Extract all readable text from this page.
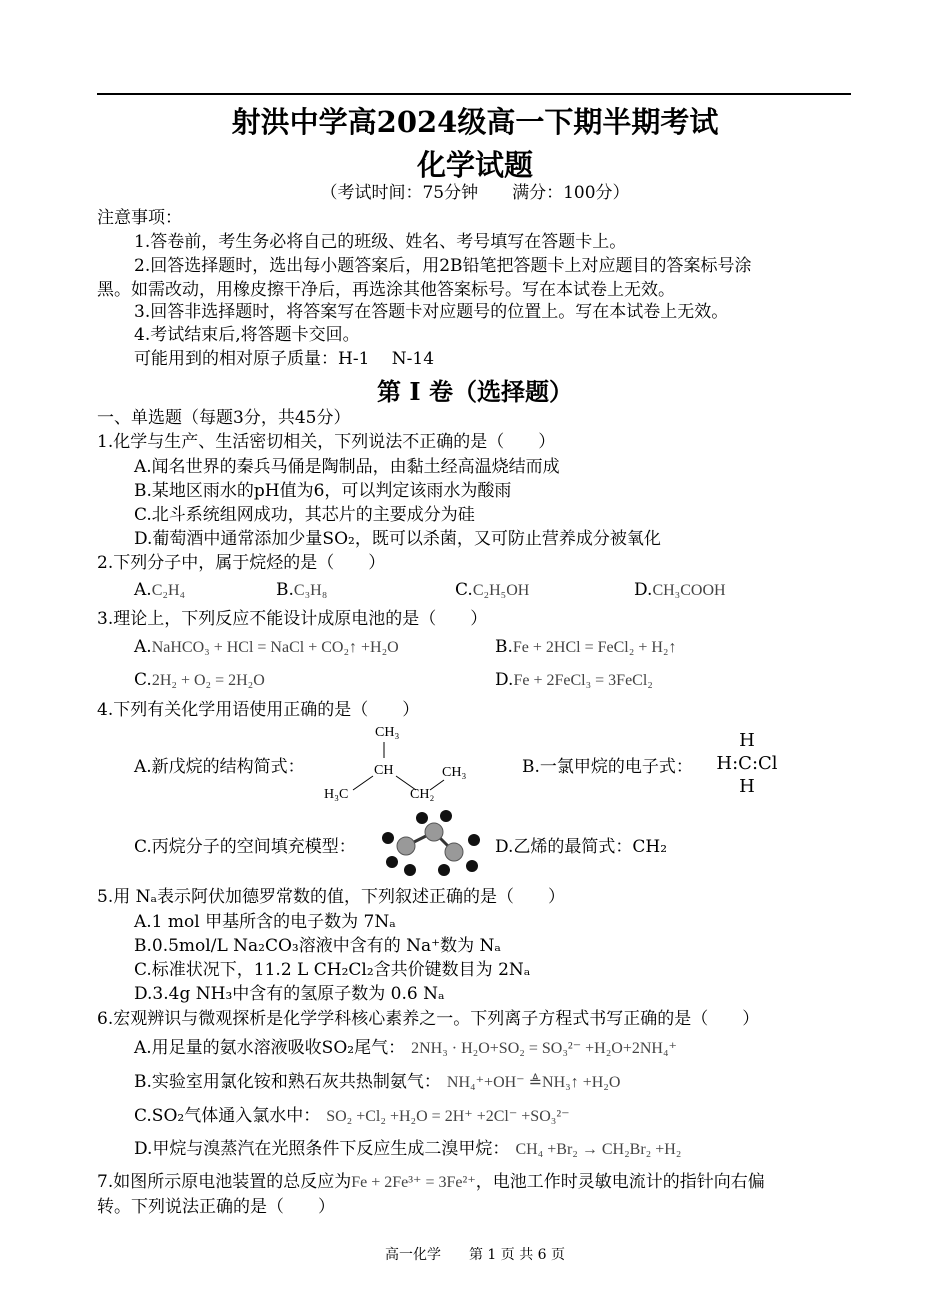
射洪中学高2024级高一下期半期考试
化学试题
（考试时间：75分钟　　满分：100分）
注意事项：
1.答卷前，考生务必将自己的班级、姓名、考号填写在答题卡上。
2.回答选择题时，选出每小题答案后，用2B铅笔把答题卡上对应题目的答案标号涂
黑。如需改动，用橡皮擦干净后，再选涂其他答案标号。写在本试卷上无效。
3.回答非选择题时，将答案写在答题卡对应题号的位置上。写在本试卷上无效。
4.考试结束后,将答题卡交回。
可能用到的相对原子质量：H-1　 N-14
第 I 卷（选择题）
一、单选题（每题3分，共45分）
1.化学与生产、生活密切相关，下列说法不正确的是（　　）
A.闻名世界的秦兵马俑是陶制品，由黏土经高温烧结而成
B.某地区雨水的pH值为6，可以判定该雨水为酸雨
C.北斗系统组网成功，其芯片的主要成分为硅
D.葡萄酒中通常添加少量SO₂，既可以杀菌，又可防止营养成分被氧化
2.下列分子中，属于烷烃的是（　　）
A.C₂H₄	B.C₃H₈	C.C₂H₅OH	D.CH₃COOH
3.理论上，下列反应不能设计成原电池的是（　　）
A.NaHCO₃ + HCl = NaCl + CO₂↑ +H₂O	B.Fe + 2HCl = FeCl₂ + H₂↑
C.2H₂ + O₂ = 2H₂O	D.Fe + 2FeCl₃ = 3FeCl₂
4.下列有关化学用语使用正确的是（　　）
A.新戊烷的结构简式：
CH₃
CH	CH₃
H₃C	CH₂
B.一氯甲烷的电子式：
H
H:C:Cl
H
C.丙烷分子的空间填充模型：	D.乙烯的最简式：CH₂
5.用 Nₐ表示阿伏加德罗常数的值，下列叙述正确的是（　　）
A.1 mol 甲基所含的电子数为 7Nₐ
B.0.5mol/L Na₂CO₃溶液中含有的 Na⁺数为 Nₐ
C.标准状况下，11.2 L CH₂Cl₂含共价键数目为 2Nₐ
D.3.4g NH₃中含有的氢原子数为 0.6 Nₐ
6.宏观辨识与微观探析是化学学科核心素养之一。下列离子方程式书写正确的是（　　）
A.用足量的氨水溶液吸收SO₂尾气： 2NH₃ · H₂O+SO₂ = SO₃²⁻ +H₂O+2NH₄⁺
B.实验室用氯化铵和熟石灰共热制氨气： NH₄⁺+OH⁻ ≜NH₃↑ +H₂O
C.SO₂气体通入氯水中： SO₂ +Cl₂ +H₂O = 2H⁺ +2Cl⁻ +SO₃²⁻
D.甲烷与溴蒸汽在光照条件下反应生成二溴甲烷： CH₄ +Br₂ → CH₂Br₂ +H₂
7.如图所示原电池装置的总反应为Fe + 2Fe³⁺ = 3Fe²⁺，电池工作时灵敏电流计的指针向右偏
转。下列说法正确的是（　　）
高一化学　　第 1 页 共 6 页
